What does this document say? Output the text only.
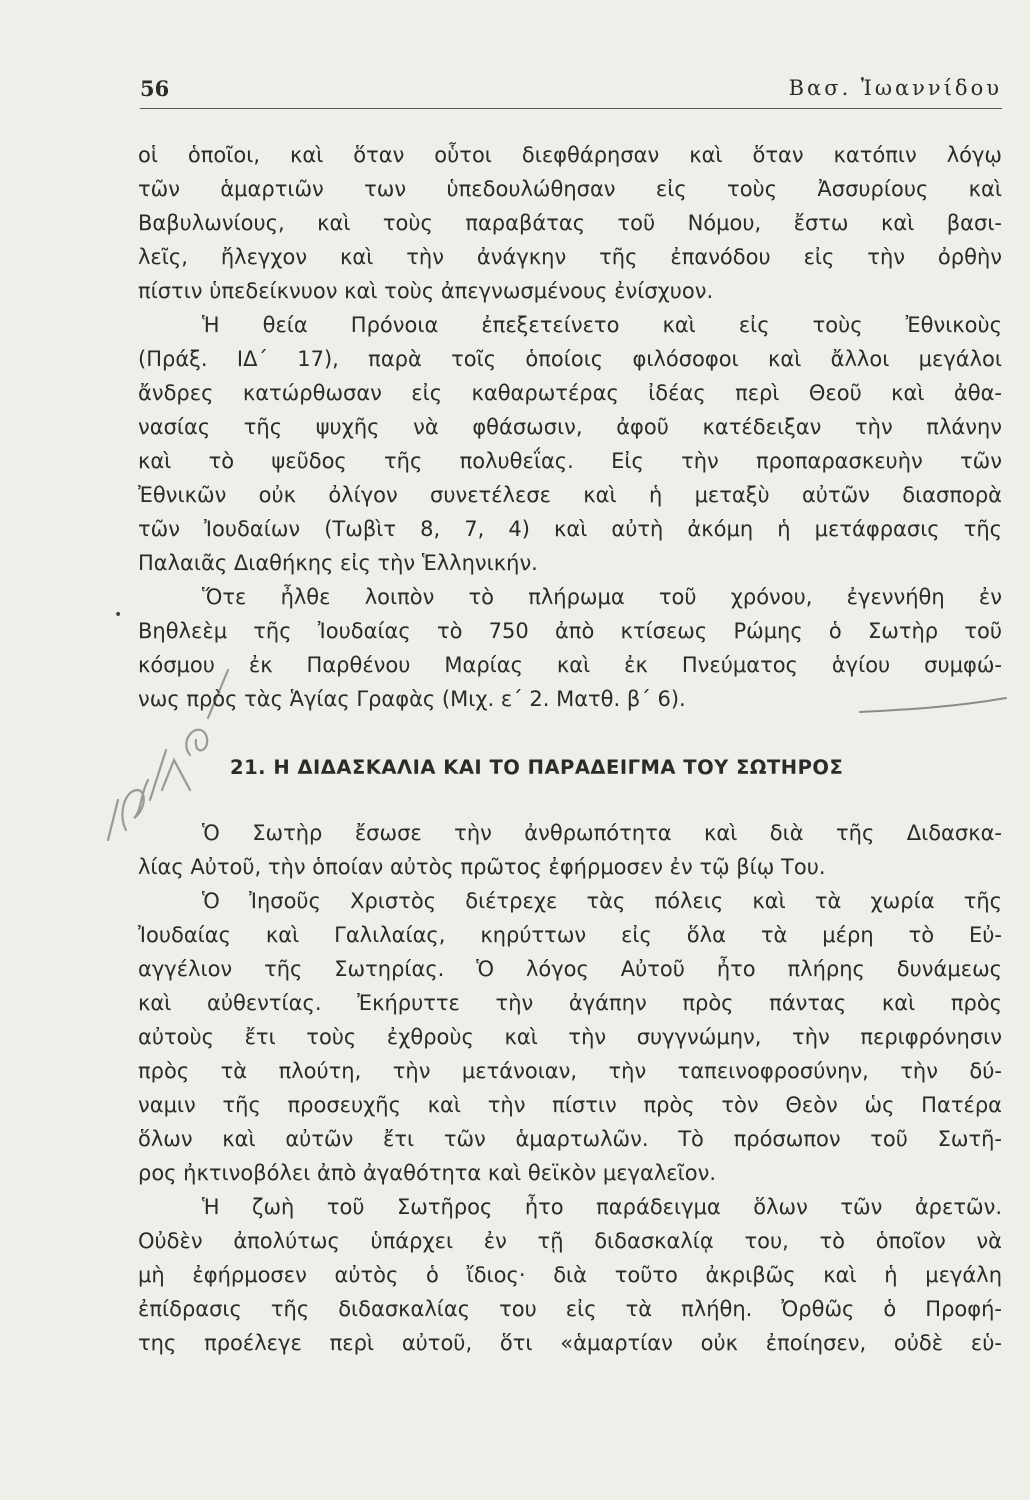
56	Βασ. Ἰωαννίδου
•
οἱ ὁποῖοι, καὶ ὅταν οὗτοι διεφθάρησαν καὶ ὅταν κατόπιν λόγῳ
τῶν ἁμαρτιῶν των ὑπεδουλώθησαν εἰς τοὺς Ἀσσυρίους καὶ
Βαβυλωνίους, καὶ τοὺς παραβάτας τοῦ Νόμου, ἔστω καὶ βασι-
λεῖς, ἤλεγχον καὶ τὴν ἀνάγκην τῆς ἐπανόδου εἰς τὴν ὀρθὴν
πίστιν ὑπεδείκνυον καὶ τοὺς ἀπεγνωσμένους ἐνίσχυον.
Ἡ θεία Πρόνοια ἐπεξετείνετο καὶ εἰς τοὺς Ἐθνικοὺς
(Πράξ. ΙΔ΄ 17), παρὰ τοῖς ὁποίοις φιλόσοφοι καὶ ἄλλοι μεγάλοι
ἄνδρες κατώρθωσαν εἰς καθαρωτέρας ἰδέας περὶ Θεοῦ καὶ ἀθα-
νασίας τῆς ψυχῆς νὰ φθάσωσιν, ἀφοῦ κατέδειξαν τὴν πλάνην
καὶ τὸ ψεῦδος τῆς πολυθεΐας. Εἰς τὴν προπαρασκευὴν τῶν
Ἐθνικῶν οὐκ ὀλίγον συνετέλεσε καὶ ἡ μεταξὺ αὐτῶν διασπορὰ
τῶν Ἰουδαίων (Τωβὶτ 8, 7, 4) καὶ αὐτὴ ἀκόμη ἡ μετάφρασις τῆς
Παλαιᾶς Διαθήκης εἰς τὴν Ἑλληνικήν.
Ὅτε ἦλθε λοιπὸν τὸ πλήρωμα τοῦ χρόνου, ἐγεννήθη ἐν
Βηθλεὲμ τῆς Ἰουδαίας τὸ 750 ἀπὸ κτίσεως Ρώμης ὁ Σωτὴρ τοῦ
κόσμου ἐκ Παρθένου Μαρίας καὶ ἐκ Πνεύματος ἁγίου συμφώ-
νως πρὸς τὰς Ἁγίας Γραφὰς (Μιχ. ε΄ 2. Ματθ. β΄ 6).
21. Η ΔΙΔΑΣΚΑΛΙΑ ΚΑΙ ΤΟ ΠΑΡΑΔΕΙΓΜΑ ΤΟΥ ΣΩΤΗΡΟΣ
Ὁ Σωτὴρ ἔσωσε τὴν ἀνθρωπότητα καὶ διὰ τῆς Διδασκα-
λίας Αὐτοῦ, τὴν ὁποίαν αὐτὸς πρῶτος ἐφήρμοσεν ἐν τῷ βίῳ Του.
Ὁ Ἰησοῦς Χριστὸς διέτρεχε τὰς πόλεις καὶ τὰ χωρία τῆς
Ἰουδαίας καὶ Γαλιλαίας, κηρύττων εἰς ὅλα τὰ μέρη τὸ Εὐ-
αγγέλιον τῆς Σωτηρίας. Ὁ λόγος Αὐτοῦ ἦτο πλήρης δυνάμεως
καὶ αὐθεντίας. Ἐκήρυττε τὴν ἀγάπην πρὸς πάντας καὶ πρὸς
αὐτοὺς ἔτι τοὺς ἐχθροὺς καὶ τὴν συγγνώμην, τὴν περιφρόνησιν
πρὸς τὰ πλούτη, τὴν μετάνοιαν, τὴν ταπεινοφροσύνην, τὴν δύ-
ναμιν τῆς προσευχῆς καὶ τὴν πίστιν πρὸς τὸν Θεὸν ὡς Πατέρα
ὅλων καὶ αὐτῶν ἔτι τῶν ἁμαρτωλῶν. Τὸ πρόσωπον τοῦ Σωτῆ-
ρος ἠκτινοβόλει ἀπὸ ἀγαθότητα καὶ θεϊκὸν μεγαλεῖον.
Ἡ ζωὴ τοῦ Σωτῆρος ἦτο παράδειγμα ὅλων τῶν ἀρετῶν.
Οὐδὲν ἀπολύτως ὑπάρχει ἐν τῇ διδασκαλίᾳ του, τὸ ὁποῖον νὰ
μὴ ἐφήρμοσεν αὐτὸς ὁ ἴδιος· διὰ τοῦτο ἀκριβῶς καὶ ἡ μεγάλη
ἐπίδρασις τῆς διδασκαλίας του εἰς τὰ πλήθη. Ὀρθῶς ὁ Προφή-
της προέλεγε περὶ αὐτοῦ, ὅτι «ἁμαρτίαν οὐκ ἐποίησεν, οὐδὲ εὑ-
